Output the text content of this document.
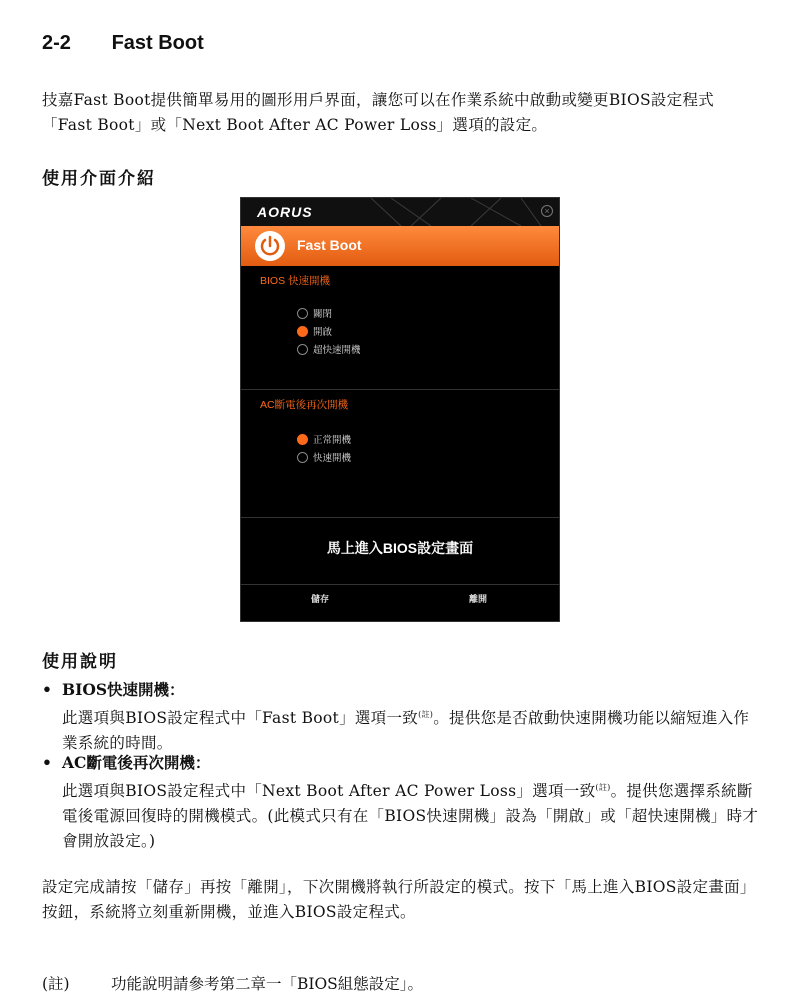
2-2 Fast Boot
技嘉Fast Boot提供簡單易用的圖形用戶界面，讓您可以在作業系統中啟動或變更BIOS設定程式「Fast Boot」或「Next Boot After AC Power Loss」選項的設定。
使用介面介紹
AORUS	×
Fast Boot
BIOS 快速開機
關閉
開啟
超快速開機
AC斷電後再次開機
正常開機
快速開機
馬上進入BIOS設定畫面
儲存	離開
使用說明
• BIOS快速開機：
此選項與BIOS設定程式中「Fast Boot」選項一致$^{(註)}$。提供您是否啟動快速開機功能以縮短進入作業系統的時間。
• AC斷電後再次開機：
此選項與BIOS設定程式中「Next Boot After AC Power Loss」選項一致$^{(註)}$。提供您選擇系統斷電後電源回復時的開機模式。(此模式只有在「BIOS快速開機」設為「開啟」或「超快速開機」時才會開放設定。)
設定完成請按「儲存」再按「離開」，下次開機將執行所設定的模式。按下「馬上進入BIOS設定畫面」按鈕，系統將立刻重新開機，並進入BIOS設定程式。
(註)	功能說明請參考第二章一「BIOS組態設定」。
